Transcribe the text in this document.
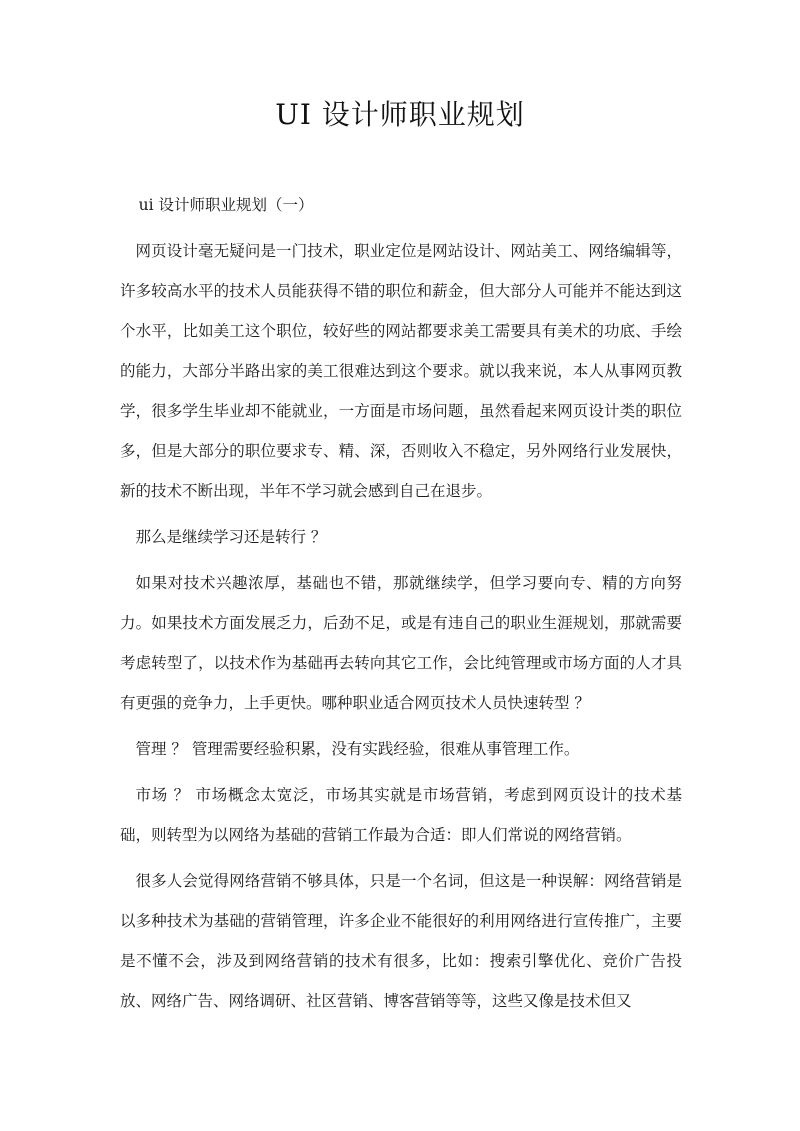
UI 设计师职业规划

ui 设计师职业规划（一）

网页设计毫无疑问是一门技术，职业定位是网站设计、网站美工、网络编辑等，许多较高水平的技术人员能获得不错的职位和薪金，但大部分人可能并不能达到这个水平，比如美工这个职位，较好些的网站都要求美工需要具有美术的功底、手绘的能力，大部分半路出家的美工很难达到这个要求。就以我来说，本人从事网页教学，很多学生毕业却不能就业，一方面是市场问题，虽然看起来网页设计类的职位多，但是大部分的职位要求专、精、深，否则收入不稳定，另外网络行业发展快，新的技术不断出现，半年不学习就会感到自己在退步。

那么是继续学习还是转行 ？

如果对技术兴趣浓厚，基础也不错，那就继续学，但学习要向专、精的方向努力。如果技术方面发展乏力，后劲不足，或是有违自己的职业生涯规划，那就需要考虑转型了，以技术作为基础再去转向其它工作，会比纯管理或市场方面的人才具有更强的竞争力，上手更快。哪种职业适合网页技术人员快速转型 ？

管理 ？ 管理需要经验积累，没有实践经验，很难从事管理工作。

市场 ？ 市场概念太宽泛，市场其实就是市场营销，考虑到网页设计的技术基础，则转型为以网络为基础的营销工作最为合适：即人们常说的网络营销。

很多人会觉得网络营销不够具体，只是一个名词，但这是一种误解：网络营销是以多种技术为基础的营销管理，许多企业不能很好的利用网络进行宣传推广，主要是不懂不会，涉及到网络营销的技术有很多，比如：搜索引擎优化、竞价广告投放、网络广告、网络调研、社区营销、博客营销等等，这些又像是技术但又
